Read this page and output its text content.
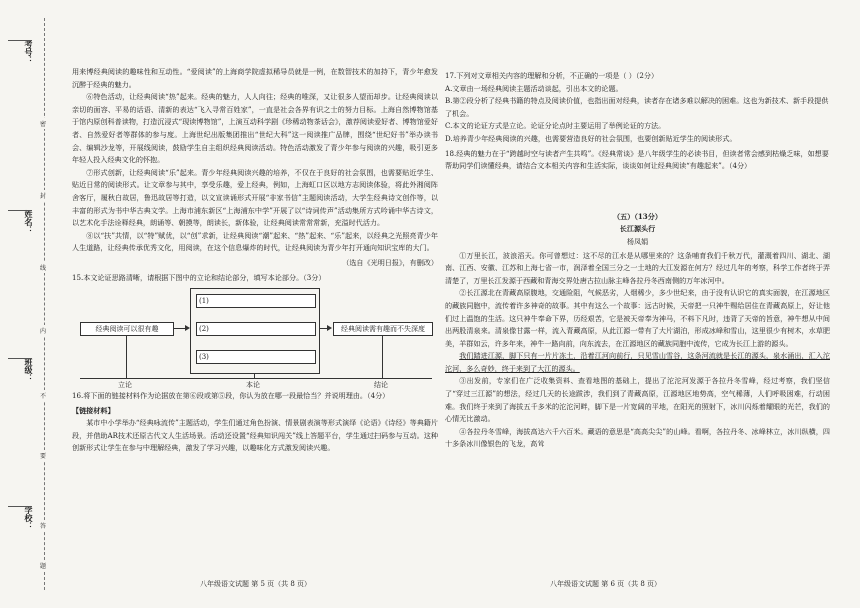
考号：
姓名：
班级：
学校：
密
封
线
内
不
要
答
题

用来博经典阅读的趣味性和互动性。“爱阅读”的上海商学院虚拟稀导员就是一例，在数智技术的加持下，青少年愈发沉醉于经典的魅力。

⑥特色活动，让经典阅读“热”起来。经典的魅力，人人向往；经典的唯深，又让很多人望而却步。让经典阅读以亲切的面容、平易的话语、清新的表达“飞入寻常百姓家”，一直是社会各界有识之士的努力目标。上海自然博物馆基于馆内原创科普读物，打造沉浸式“现读博物馆”，上演互动科学剧《珍稀动物茶话会》，激荐阅读爱好者、博物馆爱好者、自然爱好者等群体的参与度。上海世纪出版集团推出“世纪大科”这一阅读推广品牌，围绕“世纪好书”举办读书会、编辑沙龙等，开展线阅读，鼓励学生自主组织经典阅读活动。特色活动激发了青少年参与阅读的兴趣，吸引更多年轻人投入经典文化的怀抱。

⑦形式创新，让经典阅读“乐”起来。青少年经典阅读兴趣的培养，不仅在于良好的社会氛围，也需要贴近学生、贴近日常的阅读形式。让文章参与其中，享受乐趣，爱上经典，例如，上海虹口区以地方志阅读体验，将此外湘阅阵舍客厅，履秋白故居，鲁迅故居等打造，以文宣读诵形式开展“非家书信”主题阅读活动，大学生经典诗文创作等，以丰富的形式为书中华古典文学。上海市浦东新区“上海浦东中学”开展了以“诗词传声”活动集所方式吟诵中华古诗文，以艺术化手法诠释经典，朗诵等、朝摸等，朗读长，新体验，让经典阅读常常常新，充溢时代活力。

⑧以“扶”共情，以“特”赋优，以“创”求新，让经典阅读“潮”起来、“热”起来、“乐”起来，以经典之光照亮青少年人生道路，让经典传承优秀文化，用阅读，在这个信息爆炸的时代，让经典阅读为青少年打开通向知识宝库的大门。

（选自《光明日报》，有删改）

15.本文论证思路清晰，请根据下图中的立论和结论部分，填写本论部分。（3分）

经典阅读可以很有趣
(1)
(2)
(3)
经典阅读需有趣而不失深度
立论	本论	结论

16.将下面的链接材料作为论据放在第⑥段或第⑤段，你认为放在哪一段最恰当？并说明理由。（4分）

【链接材料】

某市中小学举办“经典咏流传”主题活动，学生们通过角色扮演、情景剧表演等形式演绎《论语》《诗经》等典籍片段，并借助AR技术还原古代文人生活场景。活动还设置“经典知识闯关”线上答题平台，学生通过扫码参与互动。这种创新形式让学生在参与中理解经典，激发了学习兴趣，以趣味化方式激发阅读兴趣。

八年级语文试题 第 5 页（共 8 页）

17.下列对文章相关内容的理解和分析，不正确的一项是（ ）（2分）

A.文章由一场经典阅读主题活动谈起，引出本文的论题。

B.第②段分析了经典书籍的特点及阅读价值，也指出面对经典，读者存在诸多难以解决的困难。这也为新技术、新手段提供了机会。

C.本文的论证方式是立论。论证分论点时主要运用了举例论证的方法。

D.培养青少年经典阅读的兴趣，也需要营造良好的社会氛围，也要创新贴近学生的阅读形式。

18.经典的魅力在于“跨越时空与读者产生共鸣”。《经典常谈》是八年级学生的必读书目，但读者常会感到枯燥乏味，如想要帮助同学们读懂经典，请结合文本相关内容和生活实际，谈谈如何让经典阅读“有趣起来”。（4分）

（五）（13分）

长江源头行

杨凤娟

①万里长江，波浪滔天。你可曾想过：这不尽的江水是从哪里来的？这条哺育我们千秋万代，灌溉着四川、湖北、湖南、江西、安徽、江苏和上海七省一市，润泽着全国三分之一土地的大江发源在何方？经过几年的考察，科学工作者终于弄清楚了，万里长江发源于西藏和青海交界处唐古拉山脉主峰各拉丹冬西南侧的万年冰河中。

②长江源北在青藏高原腹地，交通险阻，气候恶劣，人烟稀少，多少世纪来，由于没有认识它的真实面貌，在江源地区的藏族同胞中，流传着许多神奇的故事。其中有这么一个故事：远古时候，天帝把一只神牛赐给居住在青藏高原上，好让他们过上温饱的生活。这只神牛奉命下界，历经艰苦，它是被天帝奉为神马，不料下凡时，违背了天帝的旨意，神牛想从中间出两股清泉来。清泉像甘露一样，流入青藏高原，从此江源一带有了大片湖泊，形成冰峰和雪山，这里很少有树木，水草肥美，羊群如云，许多年来，神牛一路向前，向东流去，在江源地区的藏族同胞中流传，它成为长江上游的源头。

我们踏进江源，脚下只有一片片冻土，沿着江河向前行，只见雪山雪谷，这条河流就是长江的源头，泉水涌出，汇入沱沱河，多么奇妙，终于来到了大江的源头。

③出发前，专家们在广泛收集资料、查看地图的基础上，提出了沱沱河发源于各拉丹冬雪峰，经过考察，我们坚信了“穿过三江源”的想法，经过几天的长途跋涉，我们到了青藏高原，江源地区地势高，空气稀薄，人们呼吸困难，行动困难。我们终于来到了海拔五千多米的沱沱河畔，脚下是一片宽阔的平地，在阳光的照射下，冰川闪烁着耀眼的光芒，我们的心情无比激动。

④各拉丹冬雪峰，海拔高达六千六百米。藏语的意思是“高高尖尖”的山峰。看啊，各拉丹冬、冰峰林立，冰川纵横，四十多条冰川像银色的飞龙，高耸

八年级语文试题 第 6 页（共 8 页）
